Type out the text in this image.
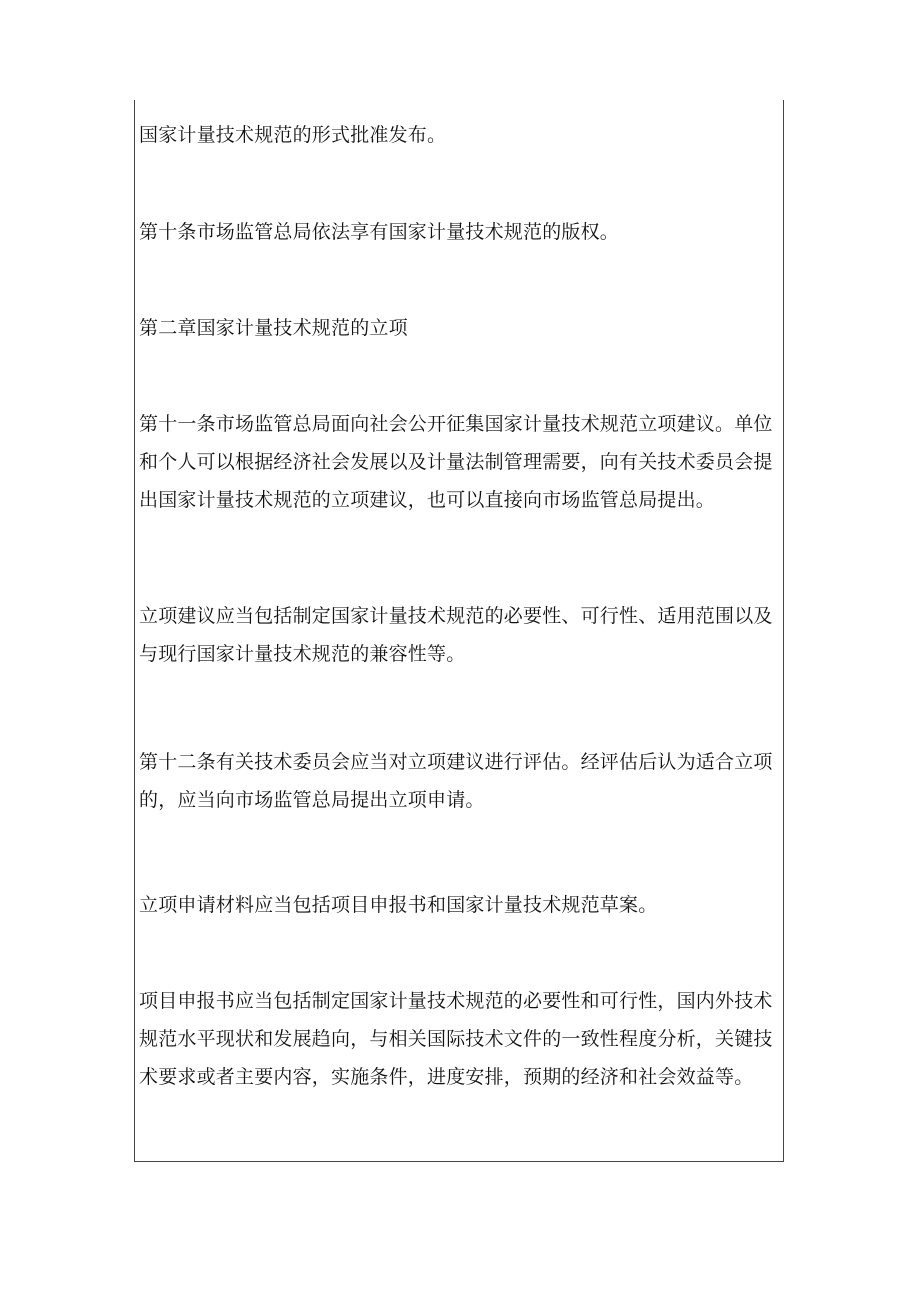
国家计量技术规范的形式批准发布。

第十条市场监管总局依法享有国家计量技术规范的版权。

第二章国家计量技术规范的立项

第十一条市场监管总局面向社会公开征集国家计量技术规范立项建议。单位和个人可以根据经济社会发展以及计量法制管理需要，向有关技术委员会提出国家计量技术规范的立项建议，也可以直接向市场监管总局提出。

立项建议应当包括制定国家计量技术规范的必要性、可行性、适用范围以及与现行国家计量技术规范的兼容性等。

第十二条有关技术委员会应当对立项建议进行评估。经评估后认为适合立项的，应当向市场监管总局提出立项申请。

立项申请材料应当包括项目申报书和国家计量技术规范草案。

项目申报书应当包括制定国家计量技术规范的必要性和可行性，国内外技术规范水平现状和发展趋向，与相关国际技术文件的一致性程度分析，关键技术要求或者主要内容，实施条件，进度安排，预期的经济和社会效益等。
